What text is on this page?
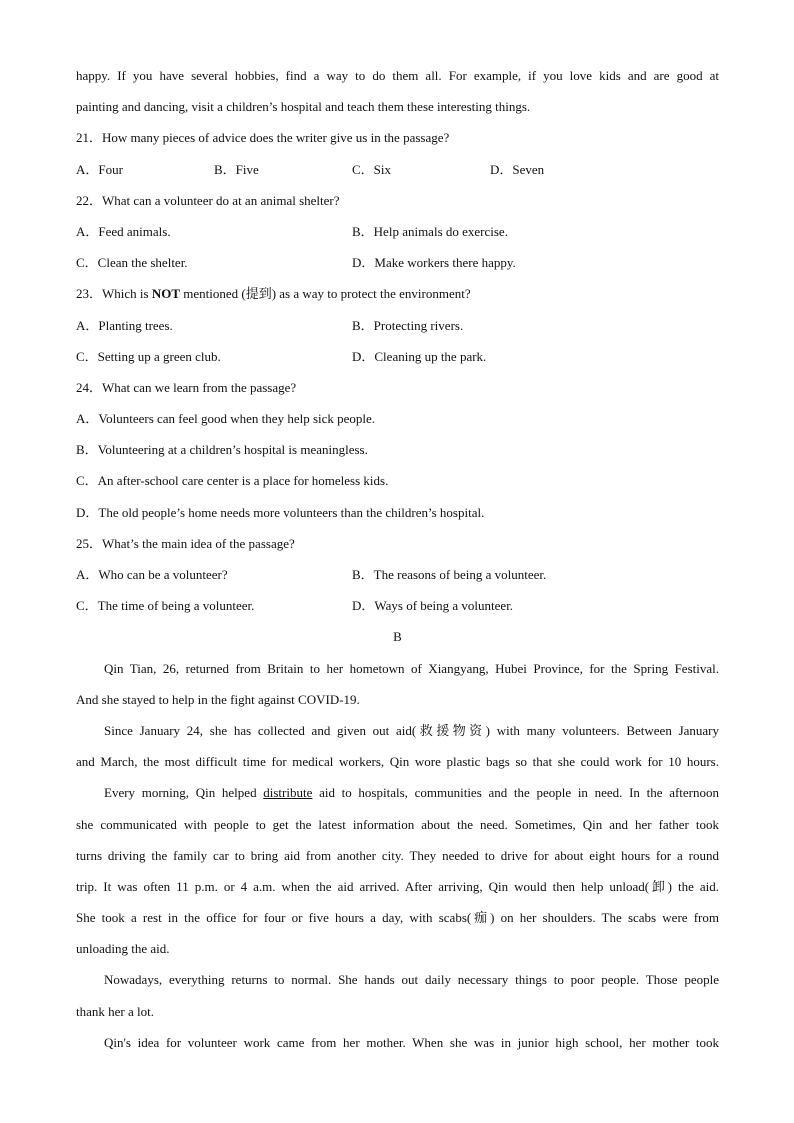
happy. If you have several hobbies, find a way to do them all. For example, if you love kids and are good at
painting and dancing, visit a children’s hospital and teach them these interesting things.
21．How many pieces of advice does the writer give us in the passage?
A．Four	B．Five	C．Six	D．Seven
22．What can a volunteer do at an animal shelter?
A．Feed animals.	B．Help animals do exercise.
C．Clean the shelter.	D．Make workers there happy.
23．Which is NOT mentioned (提到) as a way to protect the environment?
A．Planting trees.	B．Protecting rivers.
C．Setting up a green club.	D．Cleaning up the park.
24．What can we learn from the passage?
A．Volunteers can feel good when they help sick people.
B．Volunteering at a children’s hospital is meaningless.
C．An after-school care center is a place for homeless kids.
D．The old people’s home needs more volunteers than the children’s hospital.
25．What’s the main idea of the passage?
A．Who can be a volunteer?	B．The reasons of being a volunteer.
C．The time of being a volunteer.	D．Ways of being a volunteer.
B
Qin Tian, 26, returned from Britain to her hometown of Xiangyang, Hubei Province, for the Spring Festival.
And she stayed to help in the fight against COVID-19.
Since January 24, she has collected and given out aid(救援物资) with many volunteers. Between January
and March, the most difficult time for medical workers, Qin wore plastic bags so that she could work for 10 hours.
Every morning, Qin helped distribute aid to hospitals, communities and the people in need. In the afternoon
she communicated with people to get the latest information about the need. Sometimes, Qin and her father took
turns driving the family car to bring aid from another city. They needed to drive for about eight hours for a round
trip. It was often 11 p.m. or 4 a.m. when the aid arrived. After arriving, Qin would then help unload(卸) the aid.
She took a rest in the office for four or five hours a day, with scabs(痂) on her shoulders. The scabs were from
unloading the aid.
Nowadays, everything returns to normal. She hands out daily necessary things to poor people. Those people
thank her a lot.
Qin's idea for volunteer work came from her mother. When she was in junior high school, her mother took
